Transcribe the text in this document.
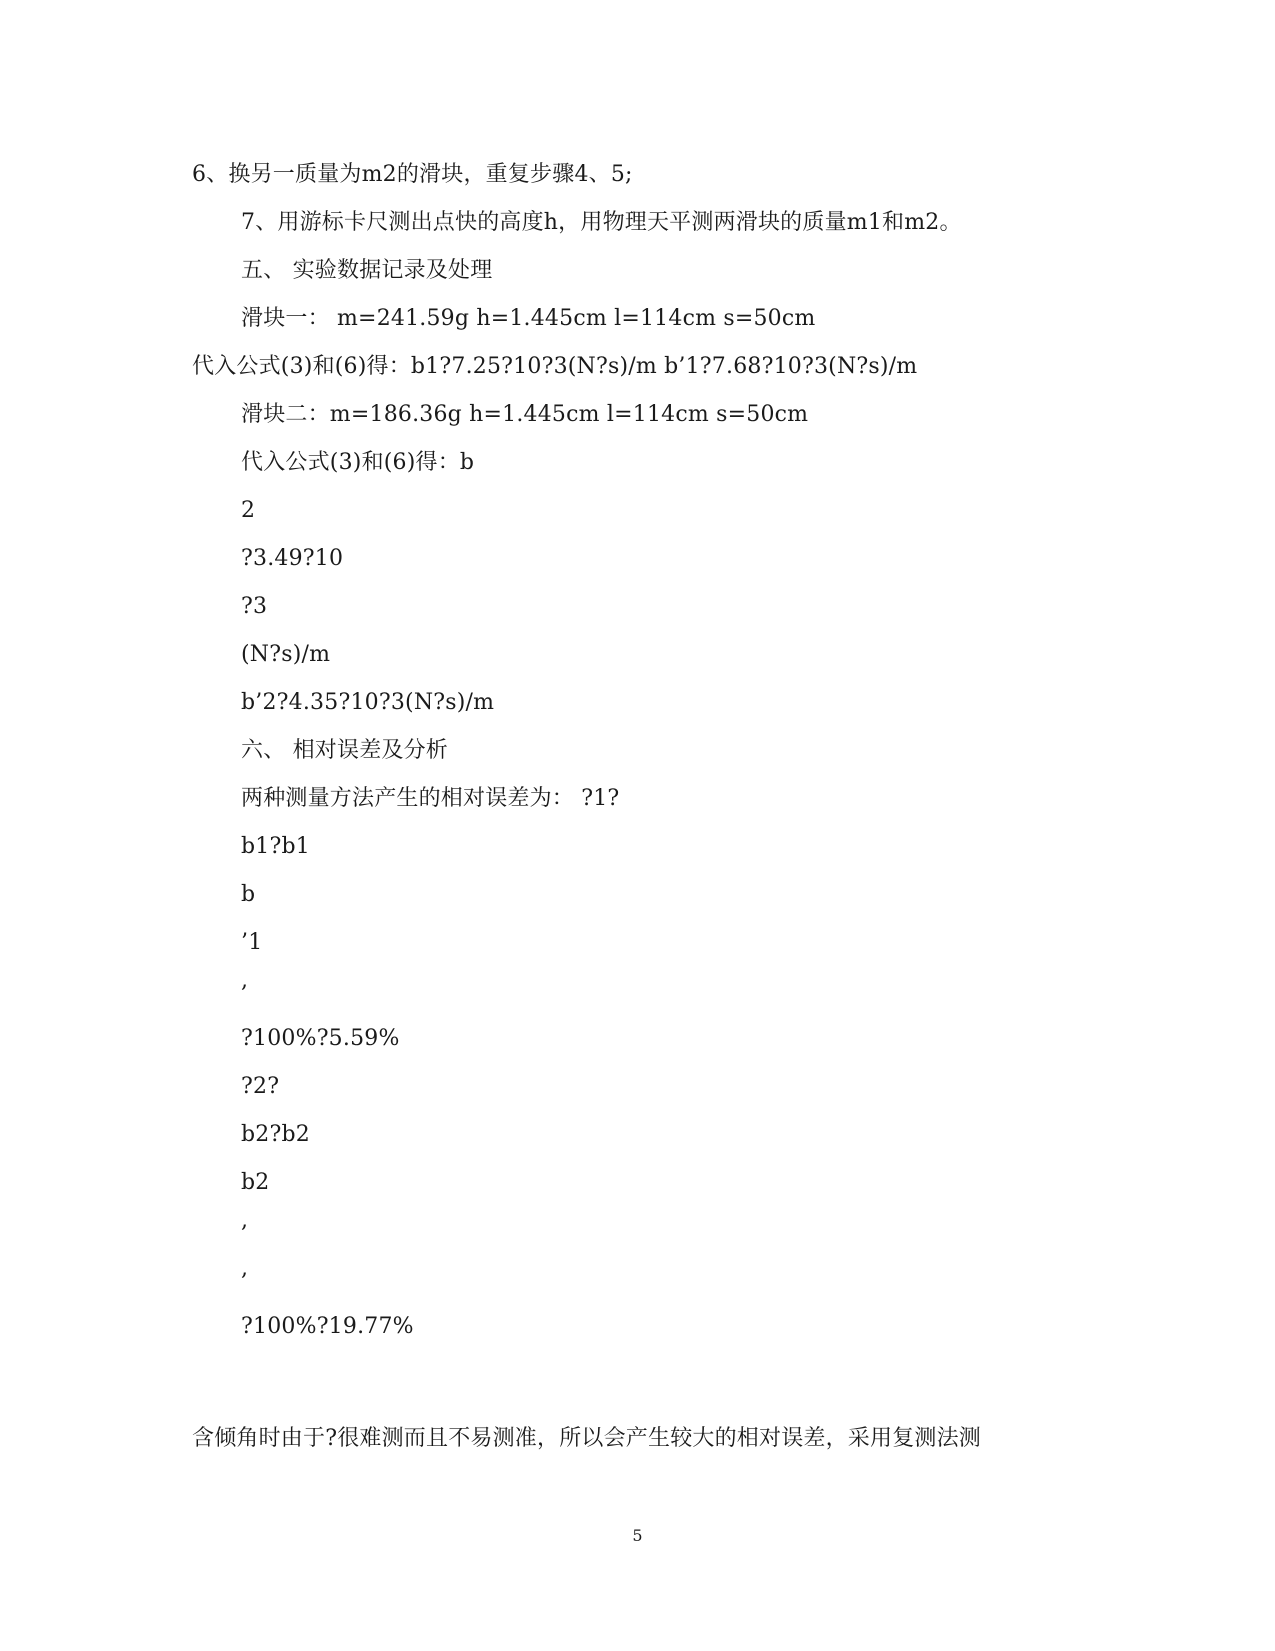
6、换另一质量为m2的滑块，重复步骤4、5;
7、用游标卡尺测出点快的高度h，用物理天平测两滑块的质量m1和m2。
五、 实验数据记录及处理
滑块一： m=241.59g h=1.445cm l=114cm s=50cm
代入公式(3)和(6)得：b1?7.25?10?3(N?s)/m b’1?7.68?10?3(N?s)/m
滑块二：m=186.36g h=1.445cm l=114cm s=50cm
代入公式(3)和(6)得：b
2
?3.49?10
?3
(N?s)/m
b’2?4.35?10?3(N?s)/m
六、 相对误差及分析
两种测量方法产生的相对误差为： ?1?
b1?b1
b
’1
,
?100%?5.59%
?2?
b2?b2
b2
,
,
?100%?19.77%
含倾角时由于?很难测而且不易测准，所以会产生较大的相对误差，采用复测法测
5
